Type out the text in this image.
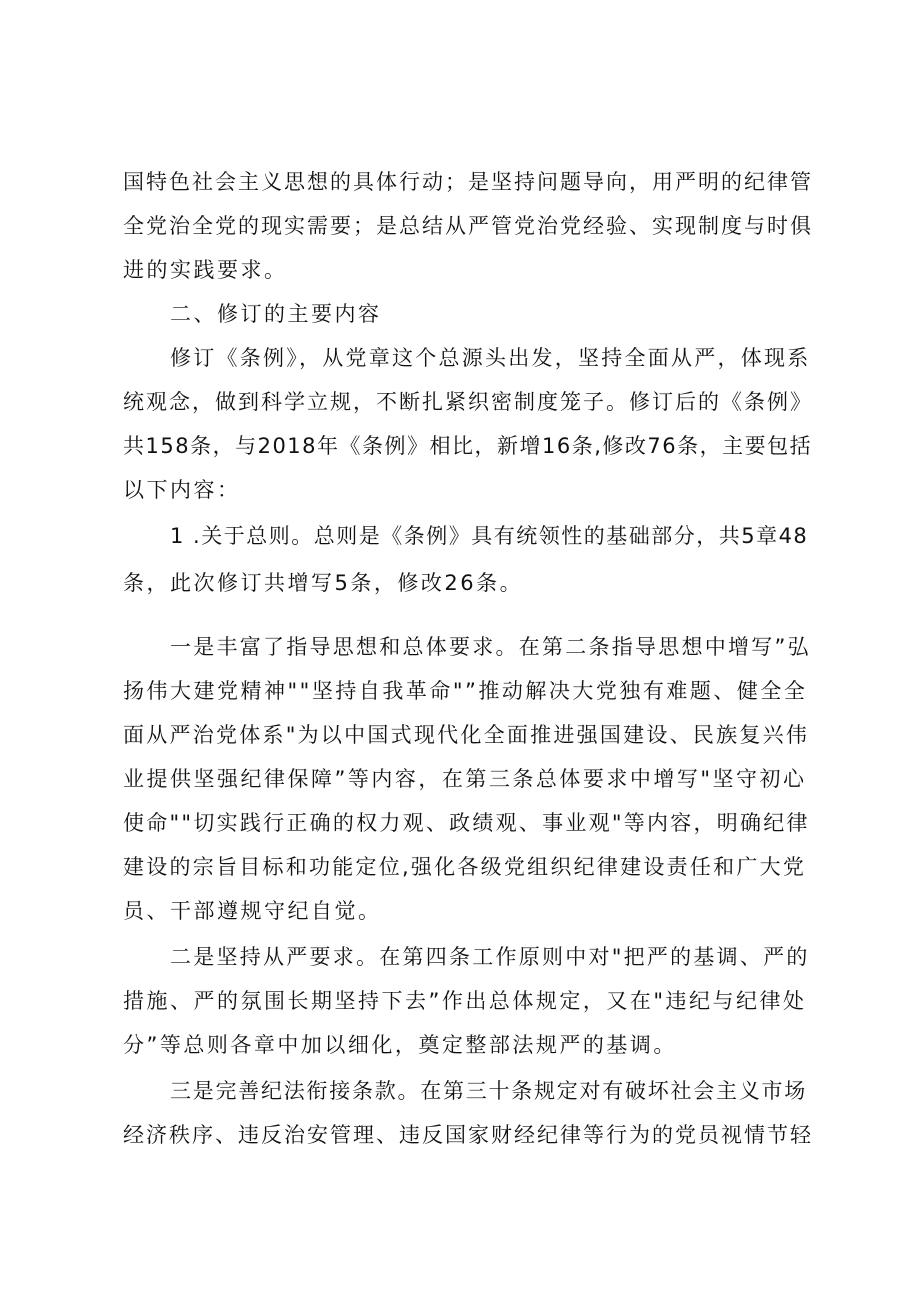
国特色社会主义思想的具体行动；是坚持问题导向，用严明的纪律管

全党治全党的现实需要；是总结从严管党治党经验、实现制度与时俱

进的实践要求。

二、修订的主要内容

修订《条例》，从党章这个总源头出发，坚持全面从严，体现系

统观念，做到科学立规，不断扎紧织密制度笼子。修订后的《条例》

共158条，与2018年《条例》相比，新增16条,修改76条，主要包括

以下内容：

1 .关于总则。总则是《条例》具有统领性的基础部分，共5章48

条，此次修订共增写5条，修改26条。

一是丰富了指导思想和总体要求。在第二条指导思想中增写”弘

扬伟大建党精神""坚持自我革命"”推动解决大党独有难题、健全全

面从严治党体系"为以中国式现代化全面推进强国建设、民族复兴伟

业提供坚强纪律保障”等内容，在第三条总体要求中增写"坚守初心

使命""切实践行正确的权力观、政绩观、事业观"等内容，明确纪律

建设的宗旨目标和功能定位,强化各级党组织纪律建设责任和广大党

员、干部遵规守纪自觉。

二是坚持从严要求。在第四条工作原则中对"把严的基调、严的

措施、严的氛围长期坚持下去”作出总体规定，又在"违纪与纪律处

分”等总则各章中加以细化，奠定整部法规严的基调。

三是完善纪法衔接条款。在第三十条规定对有破坏社会主义市场

经济秩序、违反治安管理、违反国家财经纪律等行为的党员视情节轻
